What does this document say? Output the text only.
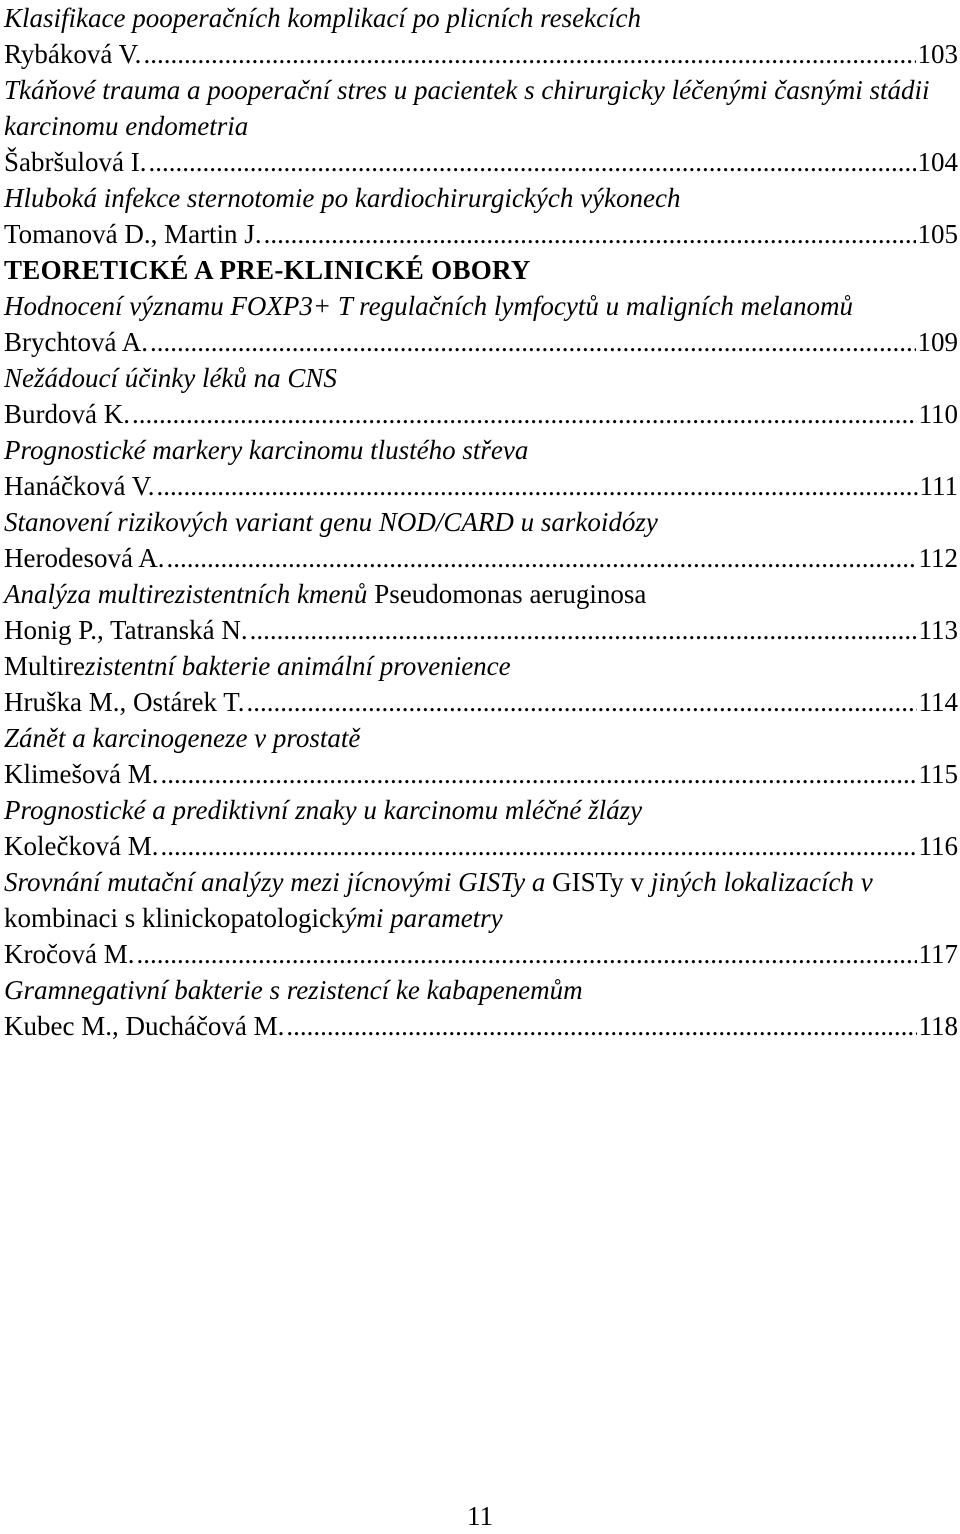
Klasifikace pooperačních komplikací po plicních resekcích
Rybáková V. .....	103
Tkáňové trauma a pooperační stres u pacientek s chirurgicky léčenými časnými stádii karcinomu endometria
Šabršulová I. .....	104
Hluboká infekce sternotomie po kardiochirurgických výkonech
Tomanová D., Martin J. .....	105
TEORETICKÉ A PRE-KLINICKÉ OBORY
Hodnocení významu FOXP3+ T regulačních lymfocytů u maligních melanomů
Brychtová A. .....	109
Nežádoucí účinky léků na CNS
Burdová K. .....	110
Prognostické markery karcinomu tlustého střeva
Hanáčková V. .....	111
Stanovení rizikových variant genu NOD/CARD u sarkoidózy
Herodesová A. .....	112
Analýza multirezistentních kmenů Pseudomonas aeruginosa
Honig P., Tatranská N. .....	113
Multirezistentní bakterie animální provenience
Hruška M., Ostárek T. .....	114
Zánět a karcinogeneze v prostatě
Klimešová M. .....	115
Prognostické a prediktivní znaky u karcinomu mléčné žlázy
Kolečková M. .....	116
Srovnání mutační analýzy mezi jícnovými GISTy a GISTy v jiných lokalizacích v kombinaci s klinickopatologickými parametry
Kročová M. .....	117
Gramnegativní bakterie s rezistencí ke kabapenemům
Kubec M., Ducháčová M. .....	118
11
